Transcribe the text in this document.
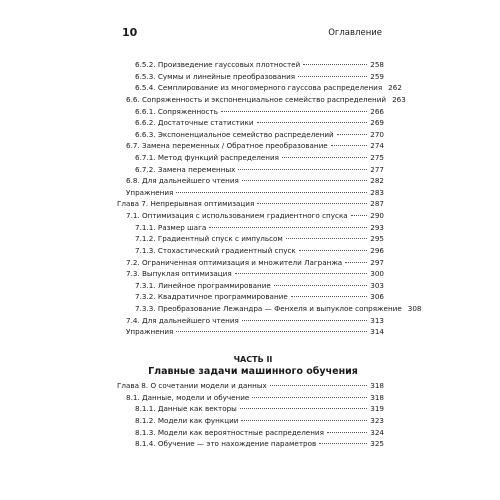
10	Оглавление
ЧАСТЬ II
Главные задачи машинного обучения
6.5.2. Произведение гауссовых плотностей	258
6.5.3. Суммы и линейные преобразования	259
6.5.4. Семплирование из многомерного гауссова распределения 262
6.6. Сопряженность и экспоненциальное семейство распределений 263
6.6.1. Сопряженность	266
6.6.2. Достаточные статистики	269
6.6.3. Экспоненциальное семейство распределений	270
6.7. Замена переменных / Обратное преобразование	274
6.7.1. Метод функций распределения	275
6.7.2. Замена переменных	277
6.8. Для дальнейшего чтения	282
Упражнения	283
Глава 7. Непрерывная оптимизация	287
7.1. Оптимизация с использованием градиентного спуска	290
7.1.1. Размер шага	293
7.1.2. Градиентный спуск с импульсом	295
7.1.3. Стохастический градиентный спуск	296
7.2. Ограниченная оптимизация и множители Лагранжа	297
7.3. Выпуклая оптимизация	300
7.3.1. Линейное программирование	303
7.3.2. Квадратичное программирование	306
7.3.3. Преобразование Лежандра — Фенхеля и выпуклое сопряжение 308
7.4. Для дальнейшего чтения	313
Упражнения	314
Глава 8. О сочетании модели и данных	318
8.1. Данные, модели и обучение	318
8.1.1. Данные как векторы	319
8.1.2. Модели как функции	323
8.1.3. Модели как вероятностные распределения	324
8.1.4. Обучение — это нахождение параметров	325
